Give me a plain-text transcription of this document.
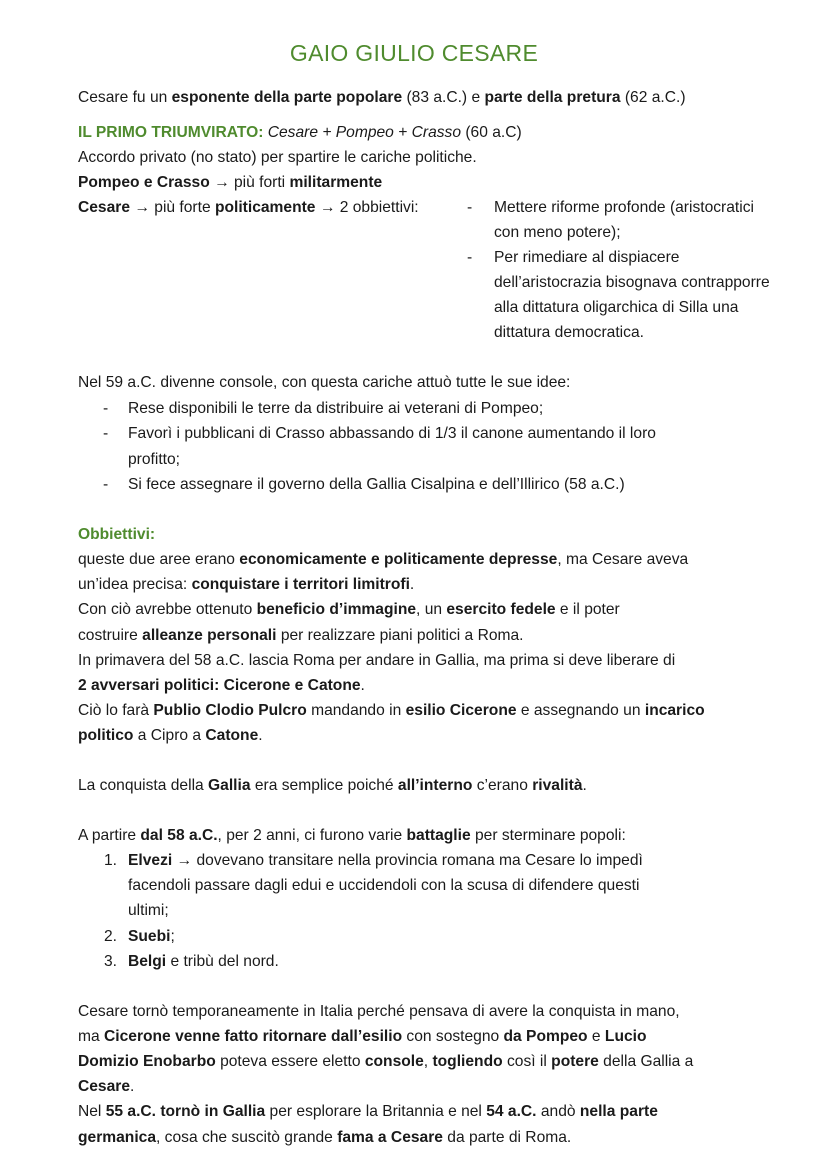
GAIO GIULIO CESARE
Cesare fu un esponente della parte popolare (83 a.C.) e parte della pretura (62 a.C.)
IL PRIMO TRIUMVIRATO: Cesare + Pompeo + Crasso (60 a.C)
Accordo privato (no stato) per spartire le cariche politiche.
Pompeo e Crasso → più forti militarmente
Cesare → più forte politicamente → 2 obbiettivi:	Mettere riforme profonde (aristocratici
-
con meno potere);
Per rimediare al dispiacere
-
dell’aristocrazia bisognava contrapporre
alla dittatura oligarchica di Silla una
dittatura democratica.
Nel 59 a.C. divenne console, con questa cariche attuò tutte le sue idee:
Rese disponibili le terre da distribuire ai veterani di Pompeo;
-
Favorì i pubblicani di Crasso abbassando di 1/3 il canone aumentando il loro
-
profitto;
Si fece assegnare il governo della Gallia Cisalpina e dell’Illirico (58 a.C.)
-
Obbiettivi:
queste due aree erano economicamente e politicamente depresse, ma Cesare aveva
un’idea precisa: conquistare i territori limitrofi.
Con ciò avrebbe ottenuto beneficio d’immagine, un esercito fedele e il poter
costruire alleanze personali per realizzare piani politici a Roma.
In primavera del 58 a.C. lascia Roma per andare in Gallia, ma prima si deve liberare di
2 avversari politici: Cicerone e Catone.
Ciò lo farà Publio Clodio Pulcro mandando in esilio Cicerone e assegnando un incarico
politico a Cipro a Catone.
La conquista della Gallia era semplice poiché all’interno c’erano rivalità.
A partire dal 58 a.C., per 2 anni, ci furono varie battaglie per sterminare popoli:
Elvezi → dovevano transitare nella provincia romana ma Cesare lo impedì
1.
facendoli passare dagli edui e uccidendoli con la scusa di difendere questi
ultimi;
Suebi;
2.
Belgi e tribù del nord.
3.
Cesare tornò temporaneamente in Italia perché pensava di avere la conquista in mano,
ma Cicerone venne fatto ritornare dall’esilio con sostegno da Pompeo e Lucio
Domizio Enobarbo poteva essere eletto console, togliendo così il potere della Gallia a
Cesare.
Nel 55 a.C. tornò in Gallia per esplorare la Britannia e nel 54 a.C. andò nella parte
germanica, cosa che suscitò grande fama a Cesare da parte di Roma.
